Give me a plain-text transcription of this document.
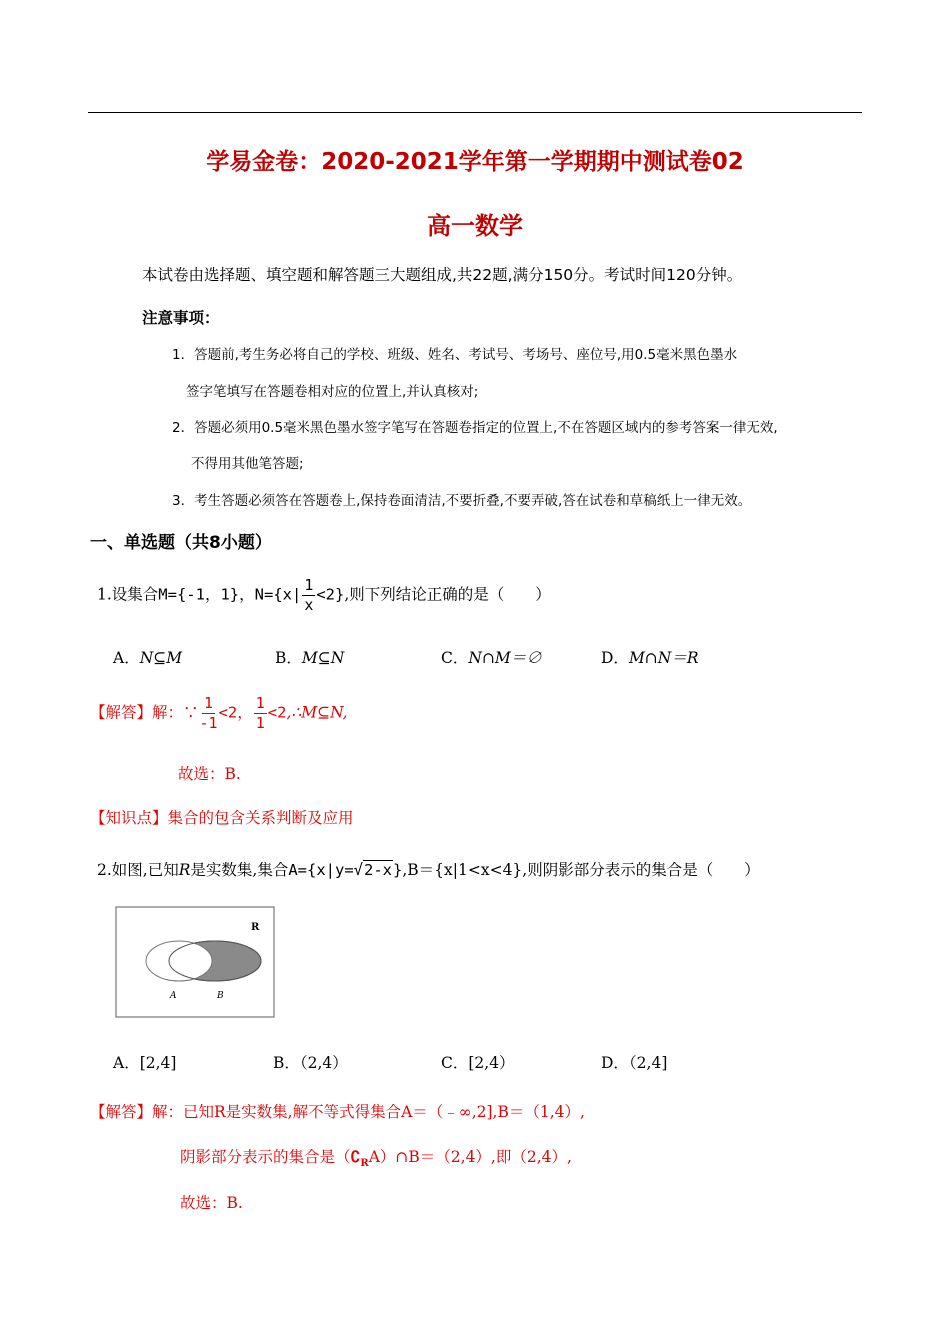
学易金卷：2020-2021学年第一学期期中测试卷02
高一数学
本试卷由选择题、填空题和解答题三大题组成,共22题,满分150分。考试时间120分钟。
注意事项：
1．答题前,考生务必将自己的学校、班级、姓名、考试号、考场号、座位号,用0.5毫米黑色墨水
签字笔填写在答题卷相对应的位置上,并认真核对;
2．答题必须用0.5毫米黑色墨水签字笔写在答题卷指定的位置上,不在答题区域内的参考答案一律无效,
不得用其他笔答题;
3．考生答题必须答在答题卷上,保持卷面清洁,不要折叠,不要弄破,答在试卷和草稿纸上一律无效。
一、单选题（共8小题）
1.设集合M={-1，1}，$N=\{x| \frac{1}{x} <2\}$,则下列结论正确的是（　　）
A．N⊆M	B．M⊆N	C．N∩M＝∅	D．M∩N＝R
【解答】解：∵ $\frac{1}{-1} <2$， $\frac{1}{1}$ <2,∴M⊆N,
故选：B.
【知识点】集合的包含关系判断及应用
2.如图,已知R是实数集,集合A={x|y=√2-x},B＝{x|1<x<4},则阴影部分表示的集合是（　　）
R
A	B
A．[2,4]	B．（2,4）	C．[2,4）	D．（2,4]
【解答】解：已知R是实数集,解不等式得集合A＝（﹣∞,2],B＝（1,4）,
阴影部分表示的集合是$(∁_RA)\cap B=(2,4)$,即（2,4）,
故选：B.
